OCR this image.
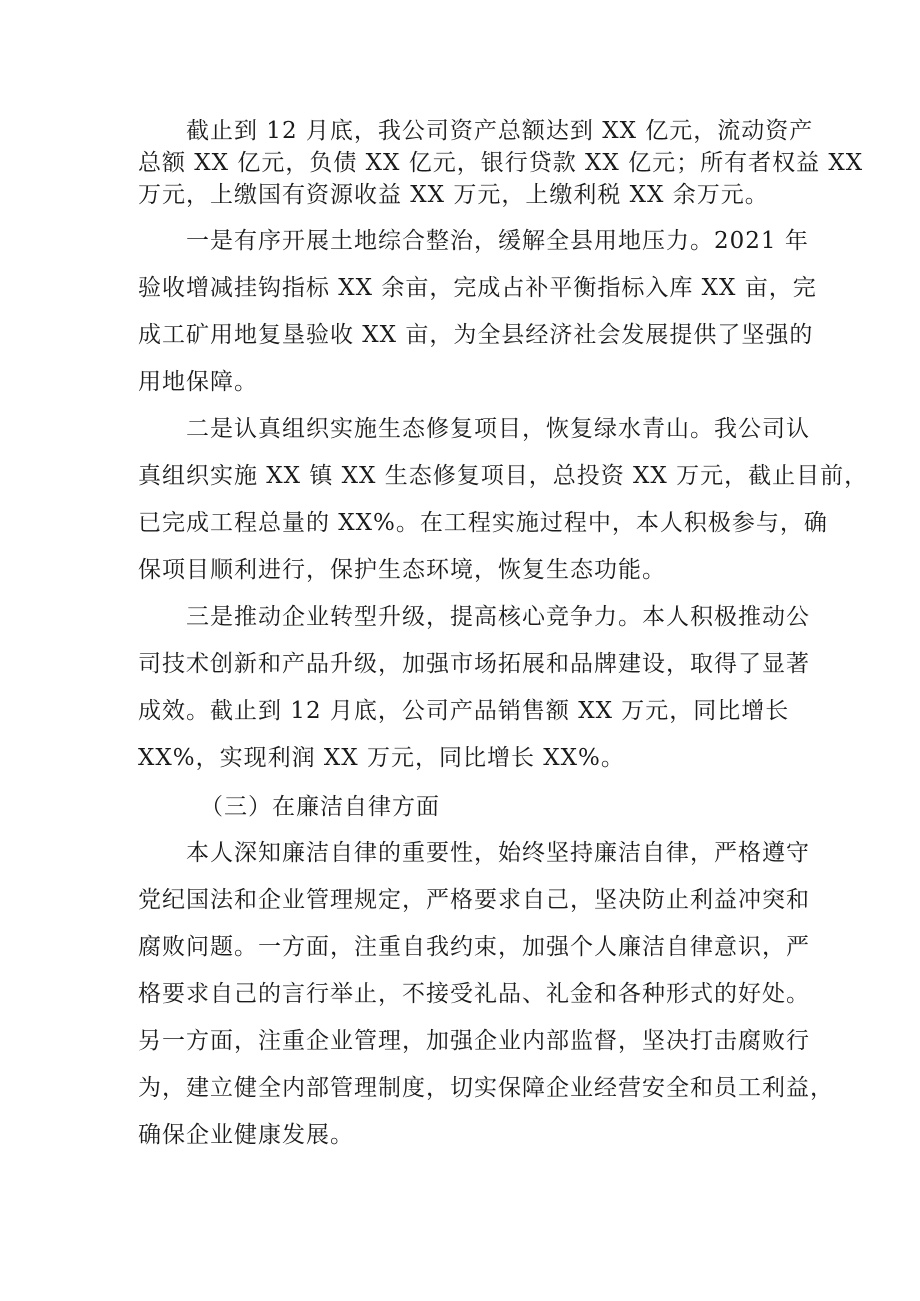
截止到 12 月底，我公司资产总额达到 XX 亿元，流动资产
总额 XX 亿元，负债 XX 亿元，银行贷款 XX 亿元；所有者权益 XX
万元，上缴国有资源收益 XX 万元，上缴利税 XX 余万元。
一是有序开展土地综合整治，缓解全县用地压力。2021 年
验收增减挂钩指标 XX 余亩，完成占补平衡指标入库 XX 亩，完
成工矿用地复垦验收 XX 亩，为全县经济社会发展提供了坚强的
用地保障。
二是认真组织实施生态修复项目，恢复绿水青山。我公司认
真组织实施 XX 镇 XX 生态修复项目，总投资 XX 万元，截止目前，
已完成工程总量的 XX%。在工程实施过程中，本人积极参与，确
保项目顺利进行，保护生态环境，恢复生态功能。
三是推动企业转型升级，提高核心竞争力。本人积极推动公
司技术创新和产品升级，加强市场拓展和品牌建设，取得了显著
成效。截止到 12 月底，公司产品销售额 XX 万元，同比增长
XX%，实现利润 XX 万元，同比增长 XX%。
（三）在廉洁自律方面
本人深知廉洁自律的重要性，始终坚持廉洁自律，严格遵守
党纪国法和企业管理规定，严格要求自己，坚决防止利益冲突和
腐败问题。一方面，注重自我约束，加强个人廉洁自律意识，严
格要求自己的言行举止，不接受礼品、礼金和各种形式的好处。
另一方面，注重企业管理，加强企业内部监督，坚决打击腐败行
为，建立健全内部管理制度，切实保障企业经营安全和员工利益，
确保企业健康发展。
